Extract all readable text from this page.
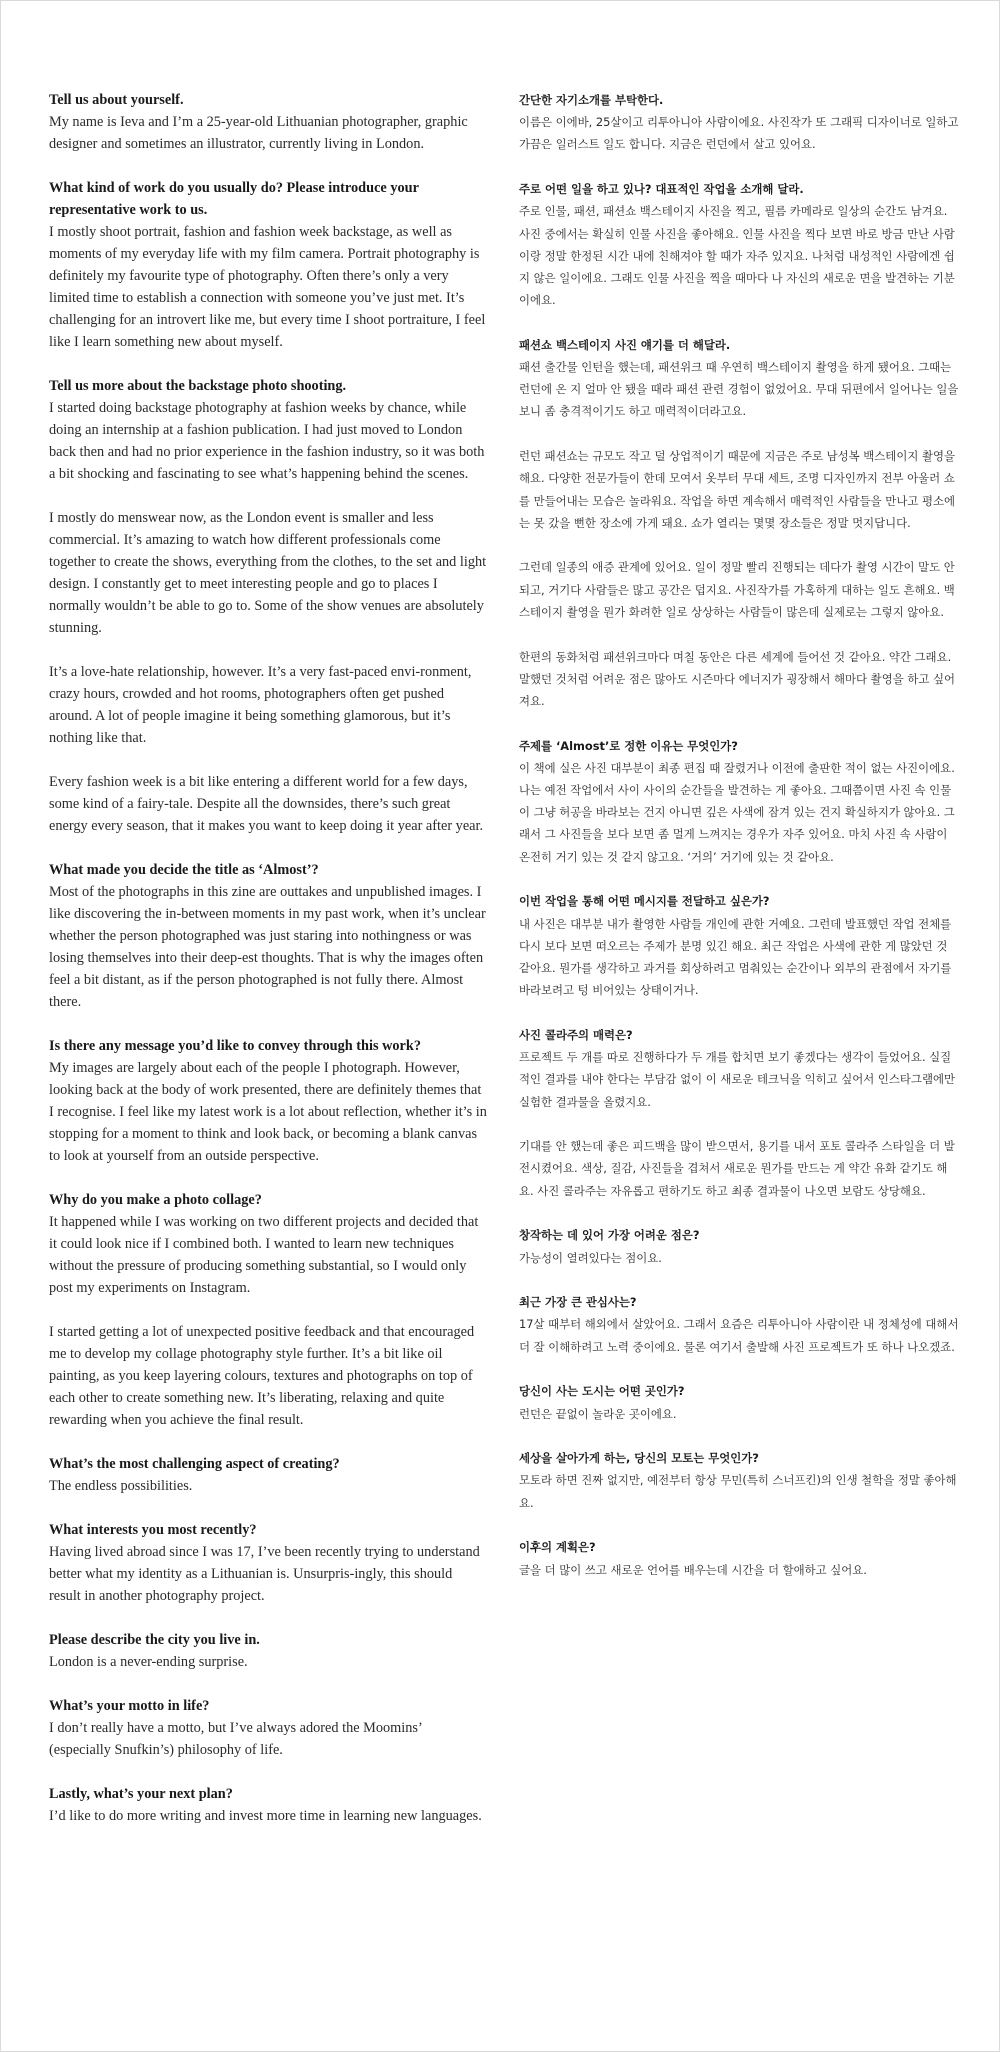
Tell us about yourself.

My name is Ieva and I’m a 25-year-old Lithuanian photographer, graphic designer and sometimes an illustrator, currently living in London.

What kind of work do you usually do? Please introduce your representative work to us.

I mostly shoot portrait, fashion and fashion week backstage, as well as moments of my everyday life with my film camera. Portrait photography is definitely my favourite type of photography. Often there’s only a very limited time to establish a connection with someone you’ve just met. It’s challenging for an introvert like me, but every time I shoot portraiture, I feel like I learn something new about myself.

Tell us more about the backstage photo shooting.

I started doing backstage photography at fashion weeks by chance, while doing an internship at a fashion publication. I had just moved to London back then and had no prior experience in the fashion industry, so it was both a bit shocking and fascinating to see what’s happening behind the scenes.

I mostly do menswear now, as the London event is smaller and less commercial. It’s amazing to watch how different professionals come together to create the shows, everything from the clothes, to the set and light design. I constantly get to meet interesting people and go to places I normally wouldn’t be able to go to. Some of the show venues are absolutely stunning.

It’s a love-hate relationship, however. It’s a very fast-paced envi-ronment, crazy hours, crowded and hot rooms, photographers often get pushed around. A lot of people imagine it being something glamorous, but it’s nothing like that.

Every fashion week is a bit like entering a different world for a few days, some kind of a fairy-tale. Despite all the downsides, there’s such great energy every season, that it makes you want to keep doing it year after year.

What made you decide the title as ‘Almost’?

Most of the photographs in this zine are outtakes and unpublished images. I like discovering the in-between moments in my past work, when it’s unclear whether the person photographed was just staring into nothingness or was losing themselves into their deep-est thoughts. That is why the images often feel a bit distant, as if the person photographed is not fully there. Almost there.

Is there any message you’d like to convey through this work?

My images are largely about each of the people I photograph. However, looking back at the body of work presented, there are definitely themes that I recognise. I feel like my latest work is a lot about reflection, whether it’s in stopping for a moment to think and look back, or becoming a blank canvas to look at yourself from an outside perspective.

Why do you make a photo collage?

It happened while I was working on two different projects and decided that it could look nice if I combined both. I wanted to learn new techniques without the pressure of producing something substantial, so I would only post my experiments on Instagram.

I started getting a lot of unexpected positive feedback and that encouraged me to develop my collage photography style further. It’s a bit like oil painting, as you keep layering colours, textures and photographs on top of each other to create something new. It’s liberating, relaxing and quite rewarding when you achieve the final result.

What’s the most challenging aspect of creating?

The endless possibilities.

What interests you most recently?

Having lived abroad since I was 17, I’ve been recently trying to understand better what my identity as a Lithuanian is. Unsurpris-ingly, this should result in another photography project.

Please describe the city you live in.

London is a never-ending surprise.

What’s your motto in life?

I don’t really have a motto, but I’ve always adored the Moomins’ (especially Snufkin’s) philosophy of life.

Lastly, what’s your next plan?

I’d like to do more writing and invest more time in learning new languages.

간단한 자기소개를 부탁한다.

이름은 이에바, 25살이고 리투아니아 사람이에요. 사진작가 또 그래픽 디자이너로 일하고 가끔은 일러스트 일도 합니다. 지금은 런던에서 살고 있어요.

주로 어떤 일을 하고 있나? 대표적인 작업을 소개해 달라.

주로 인물, 패션, 패션쇼 백스테이지 사진을 찍고, 필름 카메라로 일상의 순간도 남겨요. 사진 중에서는 확실히 인물 사진을 좋아해요. 인물 사진을 찍다 보면 바로 방금 만난 사람이랑 정말 한정된 시간 내에 친해져야 할 때가 자주 있지요. 나처럼 내성적인 사람에겐 쉽지 않은 일이에요. 그래도 인물 사진을 찍을 때마다 나 자신의 새로운 면을 발견하는 기분이에요.

패션쇼 백스테이지 사진 얘기를 더 해달라.

패션 출간물 인턴을 했는데, 패션위크 때 우연히 백스테이지 촬영을 하게 됐어요. 그때는 런던에 온 지 얼마 안 됐을 때라 패션 관련 경험이 없었어요. 무대 뒤편에서 일어나는 일을 보니 좀 충격적이기도 하고 매력적이더라고요.

런던 패션쇼는 규모도 작고 덜 상업적이기 때문에 지금은 주로 남성복 백스테이지 촬영을 해요. 다양한 전문가들이 한데 모여서 옷부터 무대 세트, 조명 디자인까지 전부 아울러 쇼를 만들어내는 모습은 놀라워요. 작업을 하면 계속해서 매력적인 사람들을 만나고 평소에는 못 갔을 뻔한 장소에 가게 돼요. 쇼가 열리는 몇몇 장소들은 정말 멋지답니다.

그런데 일종의 애증 관계에 있어요. 일이 정말 빨리 진행되는 데다가 촬영 시간이 말도 안 되고, 거기다 사람들은 많고 공간은 덥지요. 사진작가를 가혹하게 대하는 일도 흔해요. 백스테이지 촬영을 뭔가 화려한 일로 상상하는 사람들이 많은데 실제로는 그렇지 않아요.

한편의 동화처럼 패션위크마다 며칠 동안은 다른 세계에 들어선 것 같아요. 약간 그래요. 말했던 것처럼 어려운 점은 많아도 시즌마다 에너지가 굉장해서 해마다 촬영을 하고 싶어져요.

주제를 ‘Almost’로 정한 이유는 무엇인가?

이 책에 실은 사진 대부분이 최종 편집 때 잘렸거나 이전에 출판한 적이 없는 사진이에요. 나는 예전 작업에서 사이 사이의 순간들을 발견하는 게 좋아요. 그때쯤이면 사진 속 인물이 그냥 허공을 바라보는 건지 아니면 깊은 사색에 잠겨 있는 건지 확실하지가 않아요. 그래서 그 사진들을 보다 보면 좀 멀게 느껴지는 경우가 자주 있어요. 마치 사진 속 사람이 온전히 거기 있는 것 같지 않고요. ‘거의’ 거기에 있는 것 같아요.

이번 작업을 통해 어떤 메시지를 전달하고 싶은가?

내 사진은 대부분 내가 촬영한 사람들 개인에 관한 거예요. 그런데 발표했던 작업 전체를 다시 보다 보면 떠오르는 주제가 분명 있긴 해요. 최근 작업은 사색에 관한 게 많았던 것 같아요. 뭔가를 생각하고 과거를 회상하려고 멈춰있는 순간이나 외부의 관점에서 자기를 바라보려고 텅 비어있는 상태이거나.

사진 콜라주의 매력은?

프로젝트 두 개를 따로 진행하다가 두 개를 합치면 보기 좋겠다는 생각이 들었어요. 실질적인 결과를 내야 한다는 부담감 없이 이 새로운 테크닉을 익히고 싶어서 인스타그램에만 실험한 결과물을 올렸지요.

기대를 안 했는데 좋은 피드백을 많이 받으면서, 용기를 내서 포토 콜라주 스타일을 더 발전시켰어요. 색상, 질감, 사진들을 겹쳐서 새로운 뭔가를 만드는 게 약간 유화 같기도 해요. 사진 콜라주는 자유롭고 편하기도 하고 최종 결과물이 나오면 보람도 상당해요.

창작하는 데 있어 가장 어려운 점은?

가능성이 열려있다는 점이요.

최근 가장 큰 관심사는?

17살 때부터 해외에서 살았어요. 그래서 요즘은 리투아니아 사람이란 내 정체성에 대해서 더 잘 이해하려고 노력 중이에요. 물론 여기서 출발해 사진 프로젝트가 또 하나 나오겠죠.

당신이 사는 도시는 어떤 곳인가?

런던은 끝없이 놀라운 곳이에요.

세상을 살아가게 하는, 당신의 모토는 무엇인가?

모토라 하면 진짜 없지만, 예전부터 항상 무민(특히 스너프킨)의 인생 철학을 정말 좋아해요.

이후의 계획은?

글을 더 많이 쓰고 새로운 언어를 배우는데 시간을 더 할애하고 싶어요.
